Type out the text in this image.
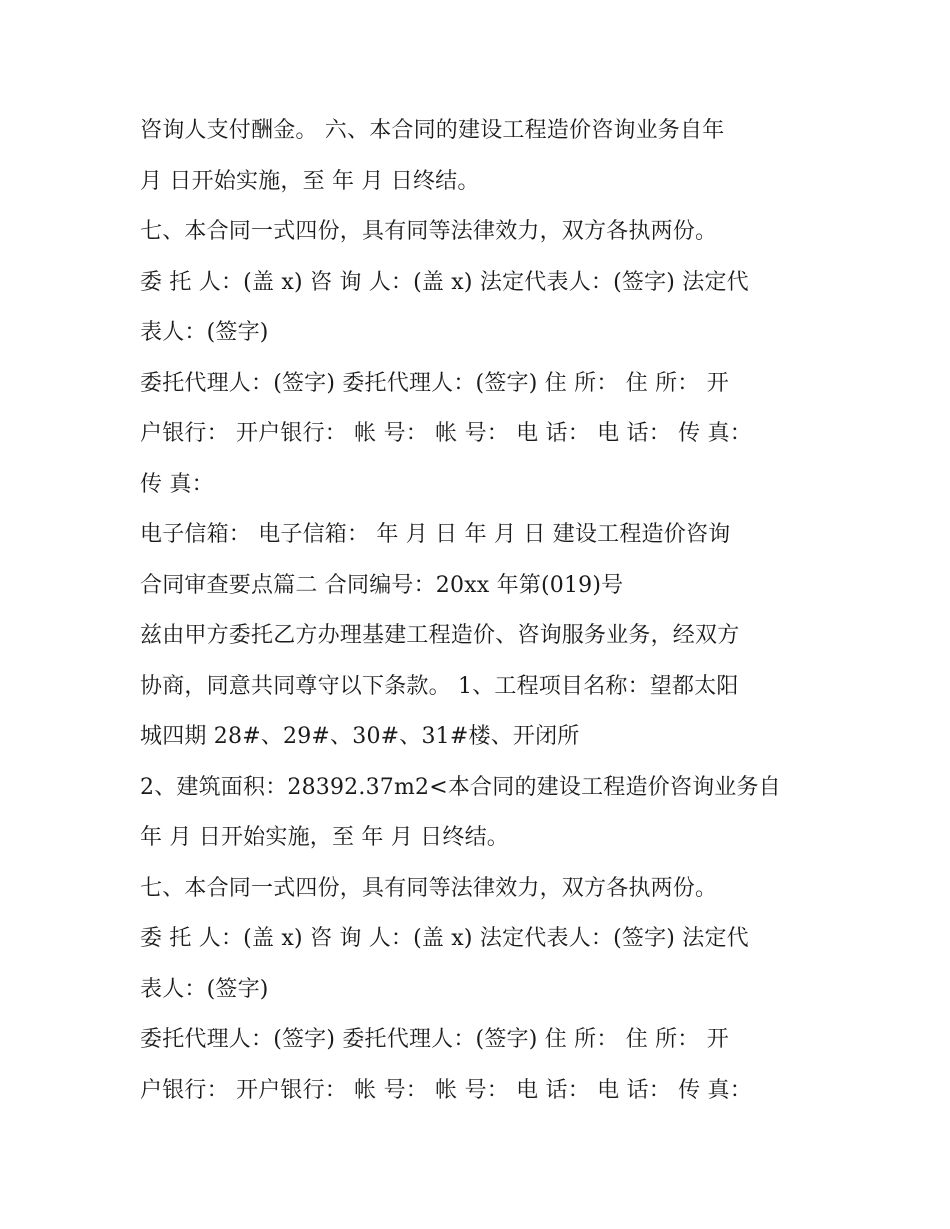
咨询人支付酬金。 六、本合同的建设工程造价咨询业务自年
月 日开始实施，至 年 月 日终结。
七、本合同一式四份，具有同等法律效力，双方各执两份。
委 托 人：(盖 x) 咨 询 人：(盖 x) 法定代表人：(签字) 法定代
表人：(签字)
委托代理人：(签字) 委托代理人：(签字) 住 所： 住 所： 开
户银行： 开户银行： 帐 号： 帐 号： 电 话： 电 话： 传 真：
传 真：
电子信箱： 电子信箱： 年 月 日 年 月 日 建设工程造价咨询
合同审查要点篇二 合同编号：20xx 年第(019)号
兹由甲方委托乙方办理基建工程造价、咨询服务业务，经双方
协商，同意共同尊守以下条款。 1、工程项目名称：望都太阳
城四期 28#、29#、30#、31#楼、开闭所
2、建筑面积：28392.37m2<本合同的建设工程造价咨询业务自
年 月 日开始实施，至 年 月 日终结。
七、本合同一式四份，具有同等法律效力，双方各执两份。
委 托 人：(盖 x) 咨 询 人：(盖 x) 法定代表人：(签字) 法定代
表人：(签字)
委托代理人：(签字) 委托代理人：(签字) 住 所： 住 所： 开
户银行： 开户银行： 帐 号： 帐 号： 电 话： 电 话： 传 真：
